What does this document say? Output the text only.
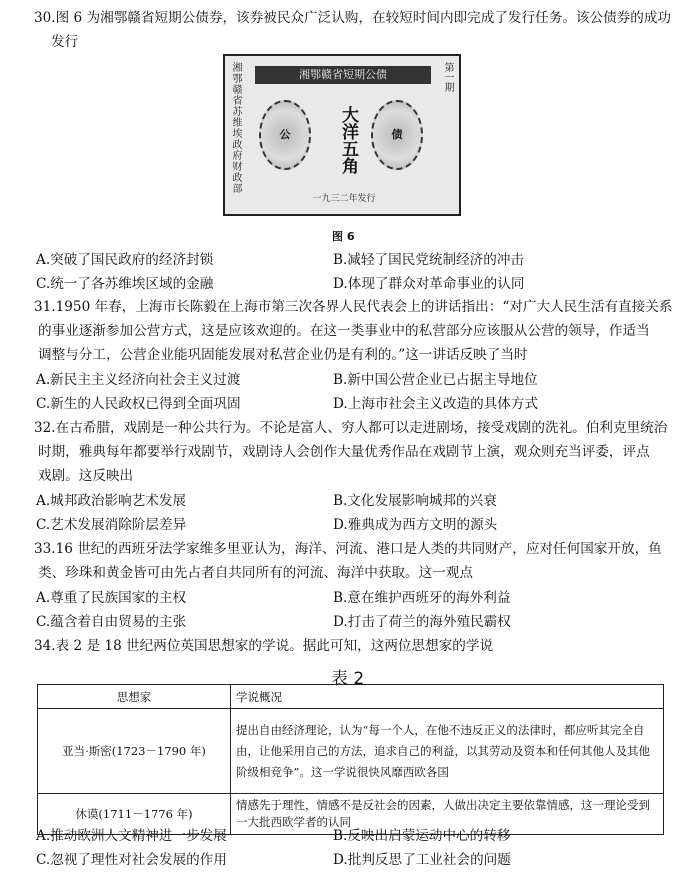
30.图 6 为湘鄂赣省短期公债券，该券被民众广泛认购，在较短时间内即完成了发行任务。该公债券的成功
发行
湘鄂赣省苏维埃政府财政部	湘鄂赣省短期公债
公	大洋五角	债
第一期
一九三二年发行
图 6
A.突破了国民政府的经济封锁	B.减轻了国民党统制经济的冲击
C.统一了各苏维埃区域的金融	D.体现了群众对革命事业的认同
31.1950 年春，上海市长陈毅在上海市第三次各界人民代表会上的讲话指出：“对广大人民生活有直接关系
的事业逐渐参加公营方式，这是应该欢迎的。在这一类事业中的私营部分应该服从公营的领导，作适当
调整与分工，公营企业能巩固能发展对私营企业仍是有利的。”这一讲话反映了当时
A.新民主主义经济向社会主义过渡	B.新中国公营企业已占据主导地位
C.新生的人民政权已得到全面巩固	D.上海市社会主义改造的具体方式
32.在古希腊，戏剧是一种公共行为。不论是富人、穷人都可以走进剧场，接受戏剧的洗礼。伯利克里统治
时期，雅典每年都要举行戏剧节，戏剧诗人会创作大量优秀作品在戏剧节上演，观众则充当评委，评点
戏剧。这反映出
A.城邦政治影响艺术发展	B.文化发展影响城邦的兴衰
C.艺术发展消除阶层差异	D.雅典成为西方文明的源头
33.16 世纪的西班牙法学家维多里亚认为，海洋、河流、港口是人类的共同财产，应对任何国家开放，鱼
类、珍珠和黄金皆可由先占者自共同所有的河流、海洋中获取。这一观点
A.尊重了民族国家的主权	B.意在维护西班牙的海外利益
C.蕴含着自由贸易的主张	D.打击了荷兰的海外殖民霸权
34.表 2 是 18 世纪两位英国思想家的学说。据此可知，这两位思想家的学说
表 2
思想家	学说概况
亚当·斯密(1723－1790 年)	提出自由经济理论，认为“每一个人，在他不违反正义的法律时，都应听其完全自由，让他采用自己的方法，追求自己的利益，以其劳动及资本和任何其他人及其他阶级相竞争”。这一学说很快风靡西欧各国
休谟(1711－1776 年)	情感先于理性，情感不是反社会的因素，人做出决定主要依靠情感，这一理论受到一大批西欧学者的认同
A.推动欧洲人文精神进一步发展	B.反映出启蒙运动中心的转移
C.忽视了理性对社会发展的作用	D.批判反思了工业社会的问题
